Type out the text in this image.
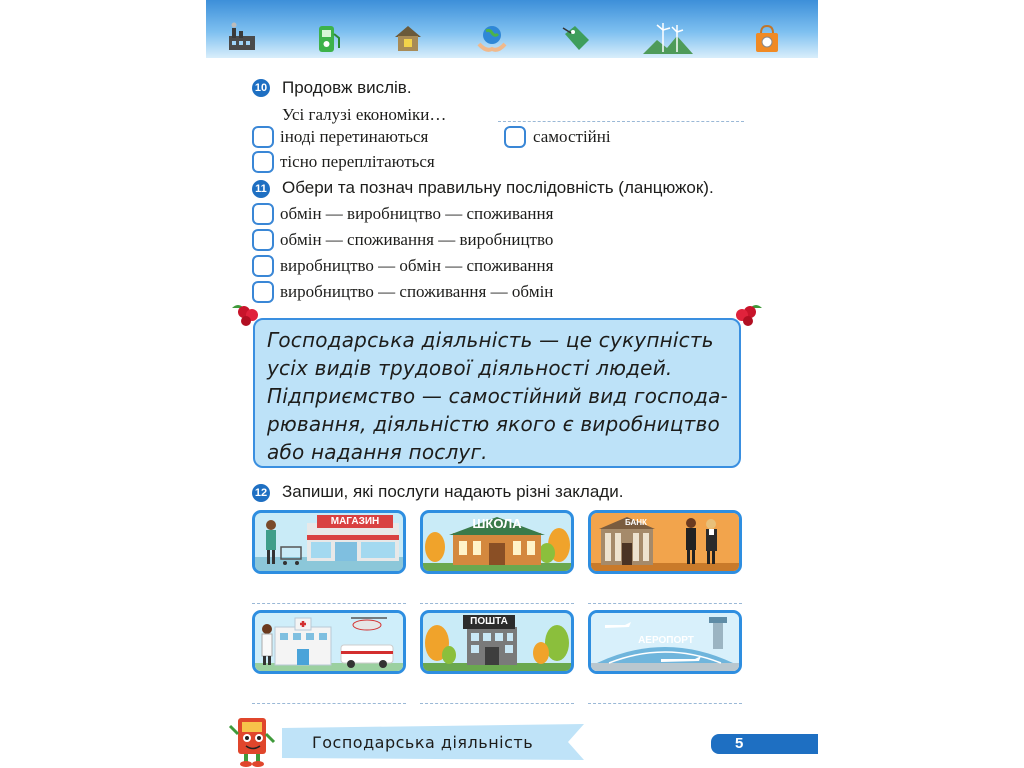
10 Продовж вислів.
Усі галузі економіки…
іноді перетинаються	самостійні
тісно переплітаються
11 Обери та познач правильну послідовність (ланцюжок).
обмін — виробництво — споживання
обмін — споживання — виробництво
виробництво — обмін — споживання
виробництво — споживання — обмін
Господарська діяльність — це сукупність
усіх видів трудової діяльності людей.
Підприємство — самостійний вид господа-
рювання, діяльністю якого є виробництво
або надання послуг.
12 Запиши, які послуги надають різні заклади.
МАГАЗИН	ШКОЛА	БАНК
ПОШТА
АЕРОПОРТ
Господарська діяльність	5
